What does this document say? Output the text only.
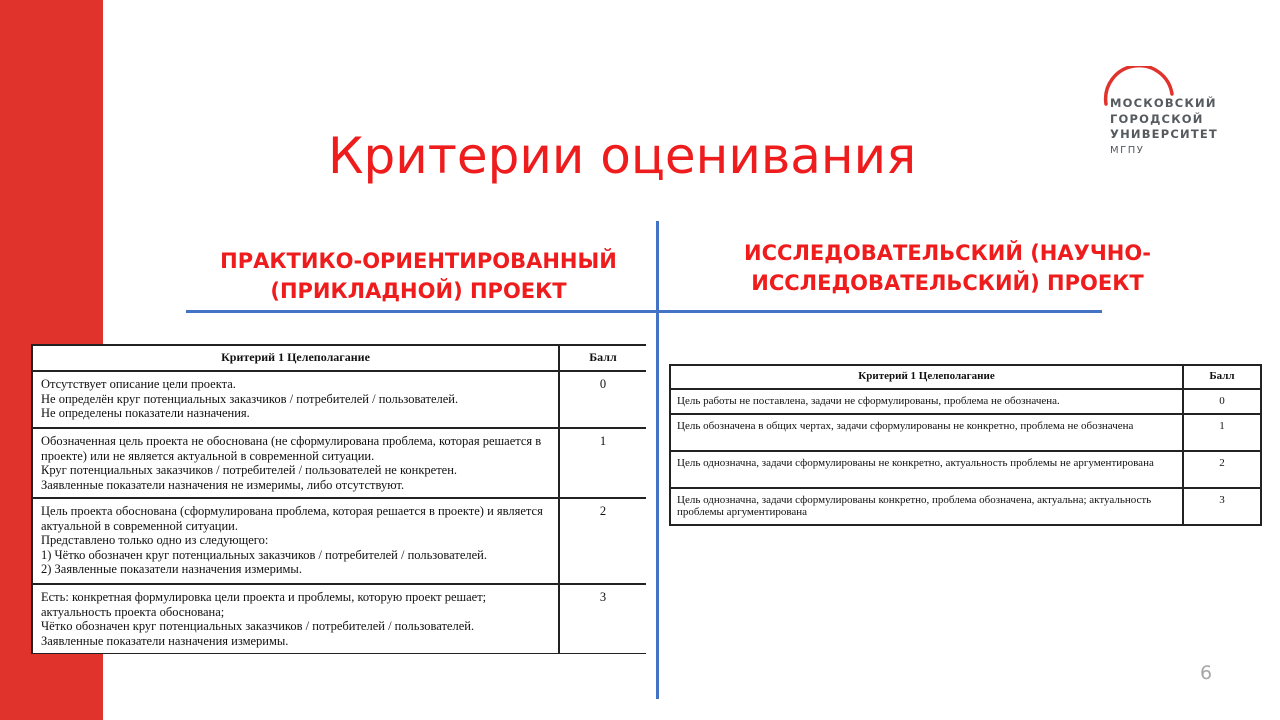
МОСКОВСКИЙ
ГОРОДСКОЙ
УНИВЕРСИТЕТ
МГПУ
Критерии оценивания
ПРАКТИКО-ОРИЕНТИРОВАННЫЙ (ПРИКЛАДНОЙ) ПРОЕКТ
ИССЛЕДОВАТЕЛЬСКИЙ (НАУЧНО-ИССЛЕДОВАТЕЛЬСКИЙ) ПРОЕКТ
Критерий 1 Целеполагание	Балл
Отсутствует описание цели проекта.
Не определён круг потенциальных заказчиков / потребителей / пользователей.
Не определены показатели назначения.	0
Обозначенная цель проекта не обоснована (не сформулирована проблема, которая решается в проекте) или не является актуальной в современной ситуации.
Круг потенциальных заказчиков / потребителей / пользователей не конкретен.
Заявленные показатели назначения не измеримы, либо отсутствуют.	1
Цель проекта обоснована (сформулирована проблема, которая решается в проекте) и является актуальной в современной ситуации.
Представлено только одно из следующего:
1) Чётко обозначен круг потенциальных заказчиков / потребителей / пользователей.
2) Заявленные показатели назначения измеримы.	2
Есть: конкретная формулировка цели проекта и проблемы, которую проект решает; актуальность проекта обоснована;
Чёткo обозначен круг потенциальных заказчиков / потребителей / пользователей.
Заявленные показатели назначения измеримы.	3
Критерий 1 Целеполагание	Балл
Цель работы не поставлена, задачи не сформулированы, проблема не обозначена.	0
Цель обозначена в общих чертах, задачи сформулированы не конкретно, проблема не обозначена	1
Цель однозначна, задачи сформулированы не конкретно, актуальность проблемы не аргументирована	2
Цель однозначна, задачи сформулированы конкретно, проблема обозначена, актуальна; актуальность проблемы аргументирована	3
6
